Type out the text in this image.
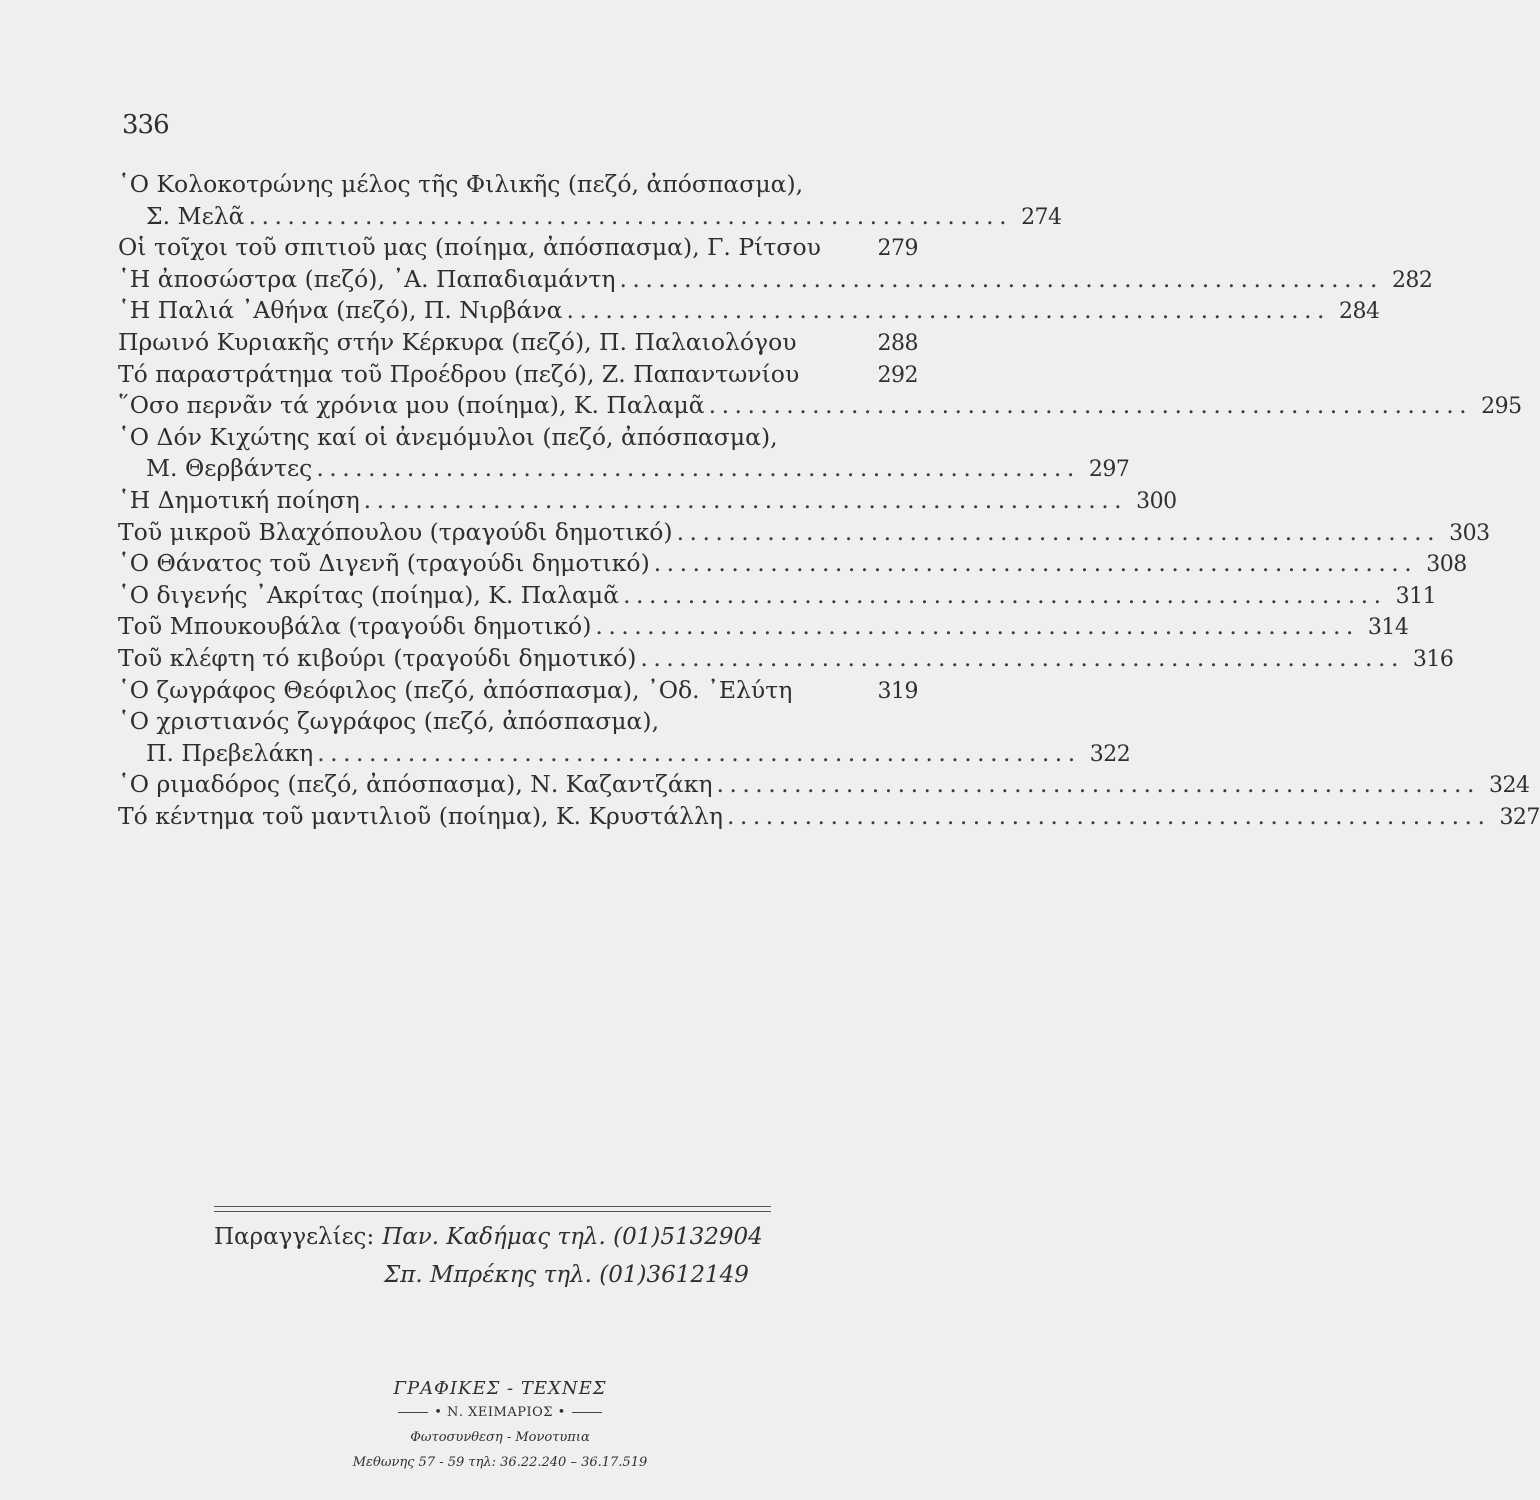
336
῾Ο Κολοκοτρώνης μέλος τῆς Φιλικῆς (πεζό, ἀπόσπασμα),
Σ. Μελᾶ . . .	274
Οἱ τοῖχοι τοῦ σπιτιοῦ μας (ποίημα, ἀπόσπασμα), Γ. Ρίτσου	279
῾Η ἀποσώστρα (πεζό), ᾿Α. Παπαδιαμάντη . . .	282
῾Η Παλιά ᾿Αθήνα (πεζό), Π. Νιρβάνα . . .	284
Πρωινό Κυριακῆς στήν Κέρκυρα (πεζό), Π. Παλαιολόγου	288
Τό παραστράτημα τοῦ Προέδρου (πεζό), Ζ. Παπαντωνίου	292
῞Οσο περνᾶν τά χρόνια μου (ποίημα), Κ. Παλαμᾶ . . .	295
῾Ο Δόν Κιχώτης καί οἱ ἀνεμόμυλοι (πεζό, ἀπόσπασμα),
Μ. Θερβάντες . . .	297
῾Η Δημοτική ποίηση . . .	300
Τοῦ μικροῦ Βλαχόπουλου (τραγούδι δημοτικό) . . .	303
῾Ο Θάνατος τοῦ Διγενῆ (τραγούδι δημοτικό) . . .	308
῾Ο διγενής ᾿Ακρίτας (ποίημα), Κ. Παλαμᾶ . . .	311
Τοῦ Μπουκουβάλα (τραγούδι δημοτικό) . . .	314
Τοῦ κλέφτη τό κιβούρι (τραγούδι δημοτικό) . . .	316
῾Ο ζωγράφος Θεόφιλος (πεζό, ἀπόσπασμα), ᾿Οδ. ᾿Ελύτη	319
῾Ο χριστιανός ζωγράφος (πεζό, ἀπόσπασμα),
Π. Πρεβελάκη . . .	322
῾Ο ριμαδόρος (πεζό, ἀπόσπασμα), Ν. Καζαντζάκη . . .	324
Τό κέντημα τοῦ μαντιλιοῦ (ποίημα), Κ. Κρυστάλλη . . .	327
Παραγγελίες: Παν. Καδήμας τηλ. (01)5132904
Σπ. Μπρέκης τηλ. (01)3612149
ΓΡΑΦΙΚΕΣ - ΤΕΧΝΕΣ
• Ν. ΧΕΙΜΑΡΙΟΣ •
Φωτοσυνθεση - Μονοτυπια
Μεθωνης 57 - 59 τηλ: 36.22.240 – 36.17.519
